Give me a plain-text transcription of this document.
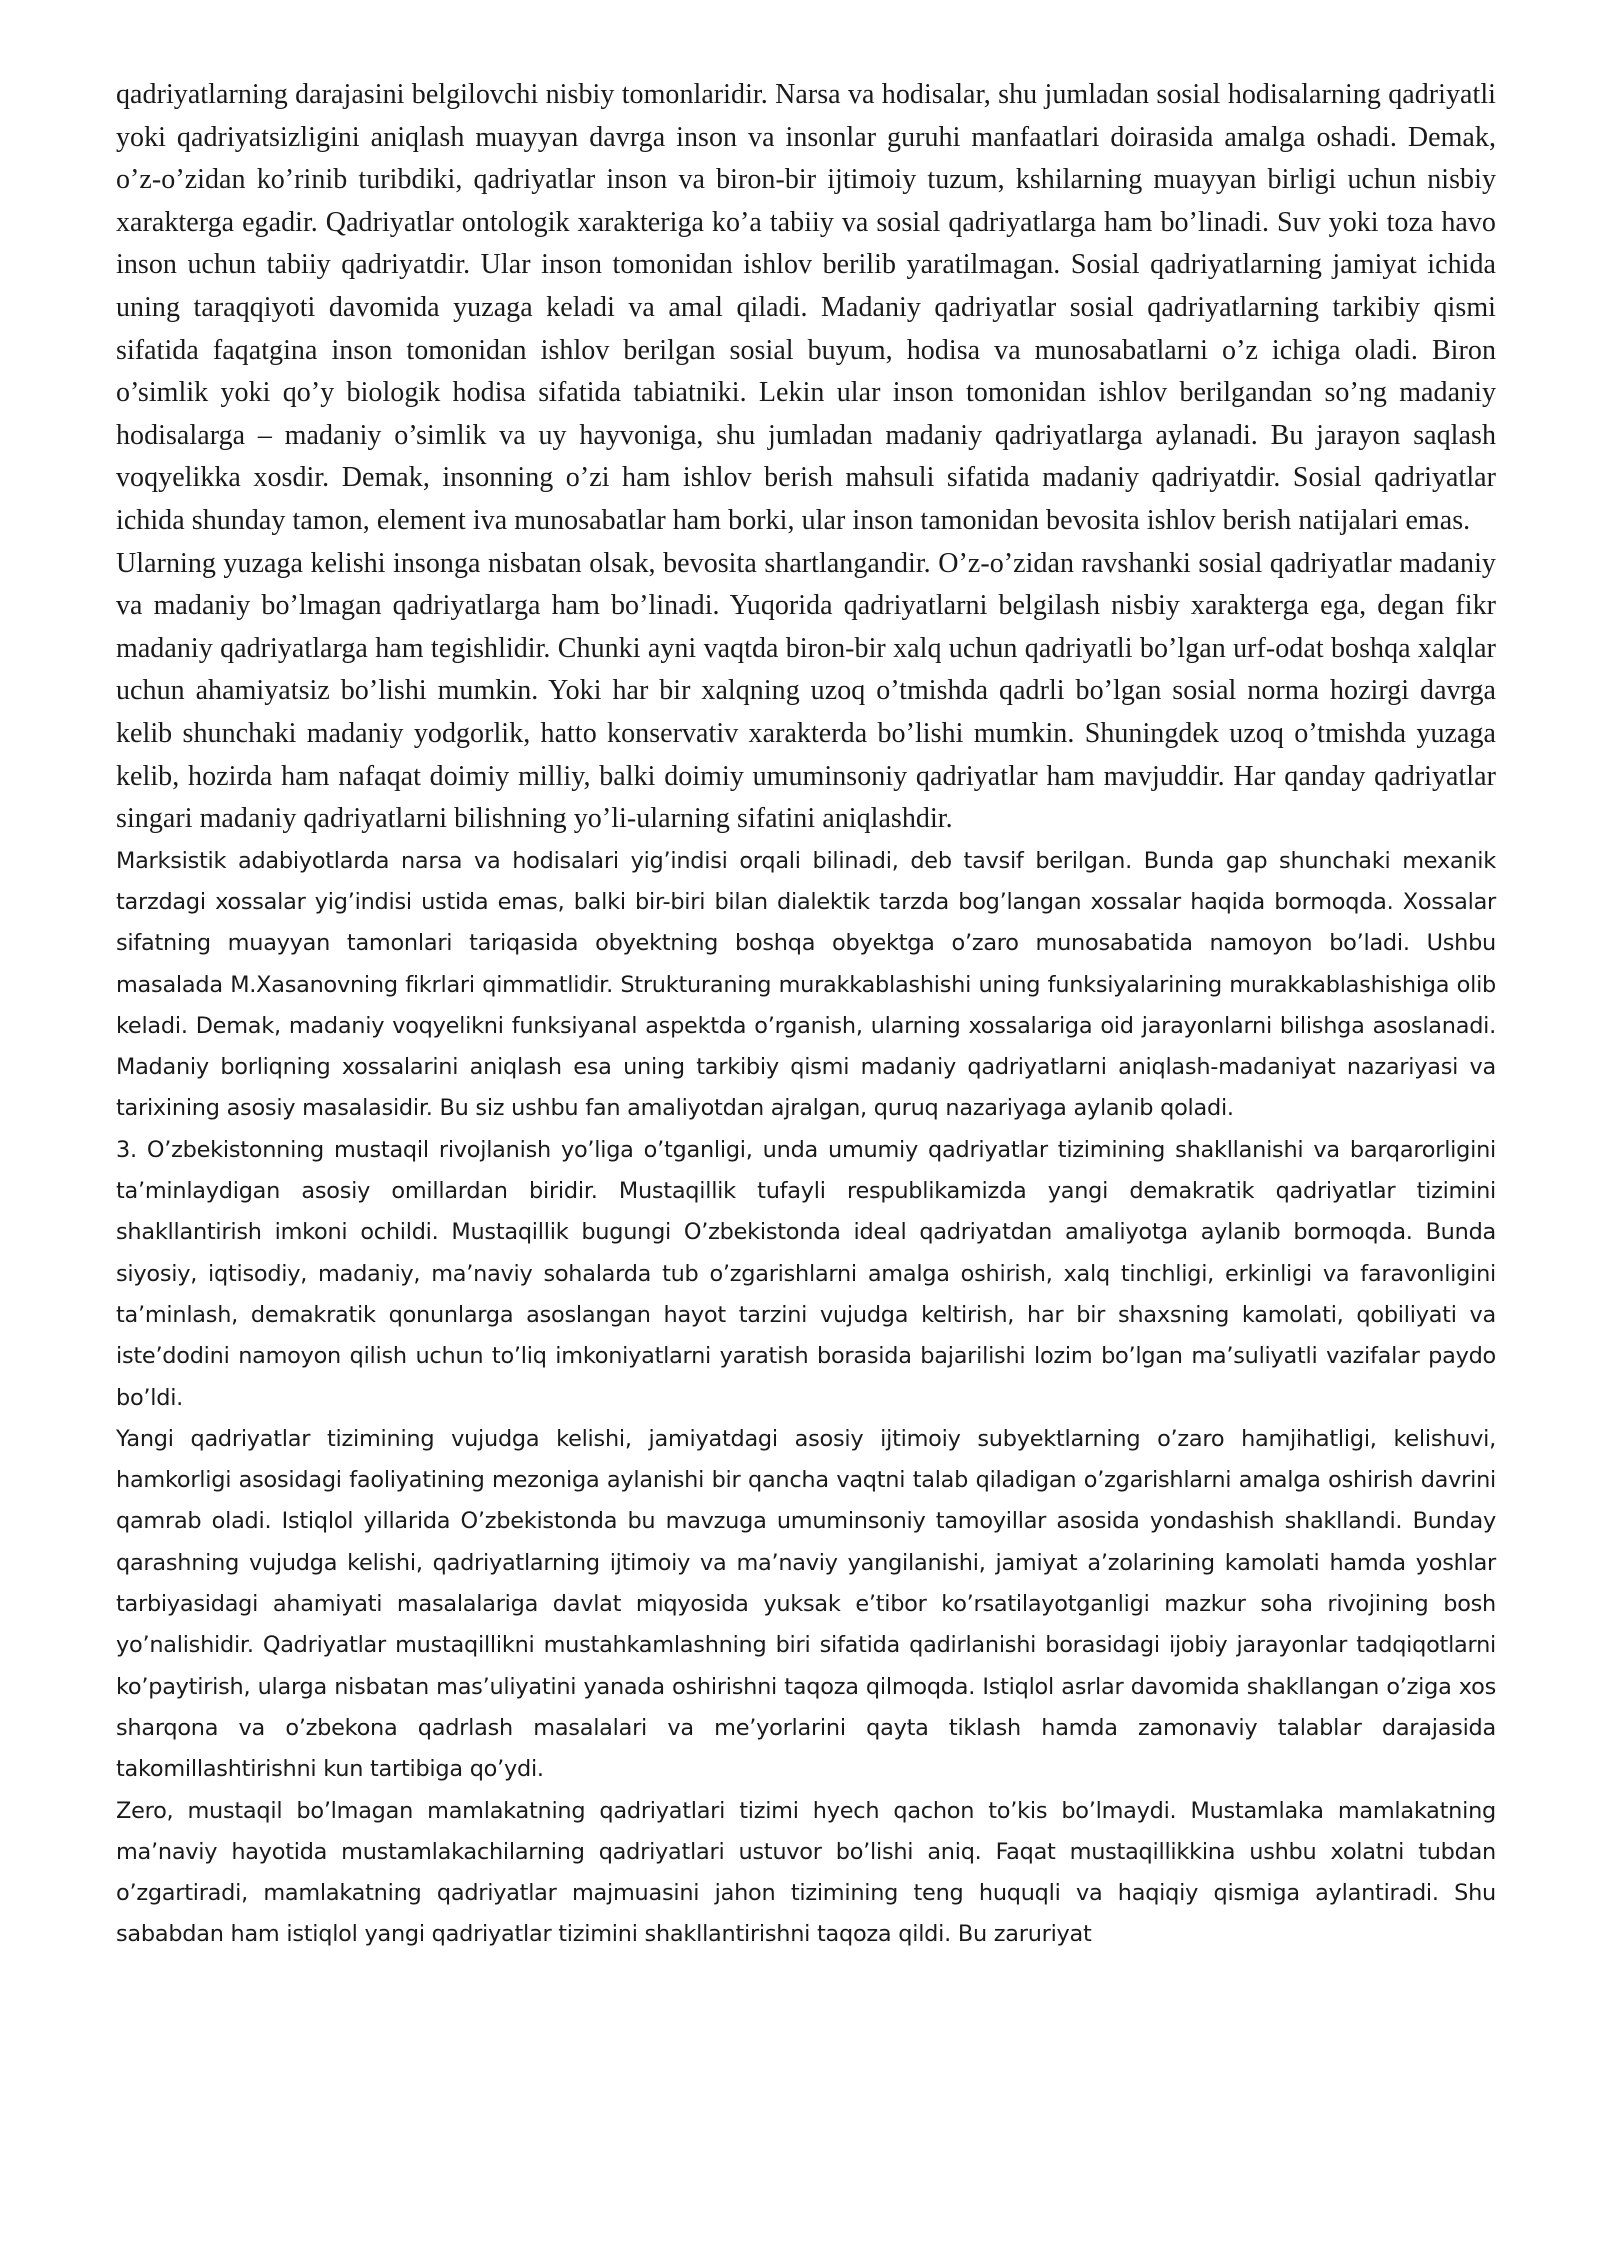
qadriyatlarning darajasini belgilovchi nisbiy tomonlaridir. Narsa va hodisalar, shu jumladan sosial hodisalarning qadriyatli yoki qadriyatsizligini aniqlash muayyan davrga inson va insonlar guruhi manfaatlari doirasida amalga oshadi. Demak, o’z-o’zidan ko’rinib turibdiki, qadriyatlar inson va biron-bir ijtimoiy tuzum, kshilarning muayyan birligi uchun nisbiy xarakterga egadir. Qadriyatlar ontologik xarakteriga ko’a tabiiy va sosial qadriyatlarga ham bo’linadi. Suv yoki toza havo inson uchun tabiiy qadriyatdir. Ular inson tomonidan ishlov berilib yaratilmagan. Sosial qadriyatlarning jamiyat ichida uning taraqqiyoti davomida yuzaga keladi va amal qiladi. Madaniy qadriyatlar sosial qadriyatlarning tarkibiy qismi sifatida faqatgina inson tomonidan ishlov berilgan sosial buyum, hodisa va munosabatlarni o’z ichiga oladi. Biron o’simlik yoki qo’y biologik hodisa sifatida tabiatniki. Lekin ular inson tomonidan ishlov berilgandan so’ng madaniy hodisalarga – madaniy o’simlik va uy hayvoniga, shu jumladan madaniy qadriyatlarga aylanadi. Bu jarayon saqlash voqyelikka xosdir. Demak, insonning o’zi ham ishlov berish mahsuli sifatida madaniy qadriyatdir. Sosial qadriyatlar ichida shunday tamon, element iva munosabatlar ham borki, ular inson tamonidan bevosita ishlov berish natijalari emas.

Ularning yuzaga kelishi insonga nisbatan olsak, bevosita shartlangandir. O’z-o’zidan ravshanki sosial qadriyatlar madaniy va madaniy bo’lmagan qadriyatlarga ham bo’linadi. Yuqorida qadriyatlarni belgilash nisbiy xarakterga ega, degan fikr madaniy qadriyatlarga ham tegishlidir. Chunki ayni vaqtda biron-bir xalq uchun qadriyatli bo’lgan urf-odat boshqa xalqlar uchun ahamiyatsiz bo’lishi mumkin. Yoki har bir xalqning uzoq o’tmishda qadrli bo’lgan sosial norma hozirgi davrga kelib shunchaki madaniy yodgorlik, hatto konservativ xarakterda bo’lishi mumkin. Shuningdek uzoq o’tmishda yuzaga kelib, hozirda ham nafaqat doimiy milliy, balki doimiy umuminsoniy qadriyatlar ham mavjuddir. Har qanday qadriyatlar singari madaniy qadriyatlarni bilishning yo’li-ularning sifatini aniqlashdir.

Marksistik adabiyotlarda narsa va hodisalari yig’indisi orqali bilinadi, deb tavsif berilgan. Bunda gap shunchaki mexanik tarzdagi xossalar yig’indisi ustida emas, balki bir-biri bilan dialektik tarzda bog’langan xossalar haqida bormoqda. Xossalar sifatning muayyan tamonlari tariqasida obyektning boshqa obyektga o’zaro munosabatida namoyon bo’ladi. Ushbu masalada M.Xasanovning fikrlari qimmatlidir. Strukturaning murakkablashishi uning funksiyalarining murakkablashishiga olib keladi. Demak, madaniy voqyelikni funksiyanal aspektda o’rganish, ularning xossalariga oid jarayonlarni bilishga asoslanadi. Madaniy borliqning xossalarini aniqlash esa uning tarkibiy qismi madaniy qadriyatlarni aniqlash-madaniyat nazariyasi va tarixining asosiy masalasidir. Bu siz ushbu fan amaliyotdan ajralgan, quruq nazariyaga aylanib qoladi.

3. O’zbekistonning mustaqil rivojlanish yo’liga o’tganligi, unda umumiy qadriyatlar tizimining shakllanishi va barqarorligini ta’minlaydigan asosiy omillardan biridir. Mustaqillik tufayli respublikamizda yangi demakratik qadriyatlar tizimini shakllantirish imkoni ochildi. Mustaqillik bugungi O’zbekistonda ideal qadriyatdan amaliyotga aylanib bormoqda. Bunda siyosiy, iqtisodiy, madaniy, ma’naviy sohalarda tub o’zgarishlarni amalga oshirish, xalq tinchligi, erkinligi va faravonligini ta’minlash, demakratik qonunlarga asoslangan hayot tarzini vujudga keltirish, har bir shaxsning kamolati, qobiliyati va iste’dodini namoyon qilish uchun to’liq imkoniyatlarni yaratish borasida bajarilishi lozim bo’lgan ma’suliyatli vazifalar paydo bo’ldi.

Yangi qadriyatlar tizimining vujudga kelishi, jamiyatdagi asosiy ijtimoiy subyektlarning o’zaro hamjihatligi, kelishuvi, hamkorligi asosidagi faoliyatining mezoniga aylanishi bir qancha vaqtni talab qiladigan o’zgarishlarni amalga oshirish davrini qamrab oladi. Istiqlol yillarida O’zbekistonda bu mavzuga umuminsoniy tamoyillar asosida yondashish shakllandi. Bunday qarashning vujudga kelishi, qadriyatlarning ijtimoiy va ma’naviy yangilanishi, jamiyat a’zolarining kamolati hamda yoshlar tarbiyasidagi ahamiyati masalalariga davlat miqyosida yuksak e’tibor ko’rsatilayotganligi mazkur soha rivojining bosh yo’nalishidir. Qadriyatlar mustaqillikni mustahkamlashning biri sifatida qadirlanishi borasidagi ijobiy jarayonlar tadqiqotlarni ko’paytirish, ularga nisbatan mas’uliyatini yanada oshirishni taqoza qilmoqda. Istiqlol asrlar davomida shakllangan o’ziga xos sharqona va o’zbekona qadrlash masalalari va me’yorlarini qayta tiklash hamda zamonaviy talablar darajasida takomillashtirishni kun tartibiga qo’ydi.

Zero, mustaqil bo’lmagan mamlakatning qadriyatlari tizimi hyech qachon to’kis bo’lmaydi. Mustamlaka mamlakatning ma’naviy hayotida mustamlakachilarning qadriyatlari ustuvor bo’lishi aniq. Faqat mustaqillikkina ushbu xolatni tubdan o’zgartiradi, mamlakatning qadriyatlar majmuasini jahon tizimining teng huquqli va haqiqiy qismiga aylantiradi. Shu sababdan ham istiqlol yangi qadriyatlar tizimini shakllantirishni taqoza qildi. Bu zaruriyat
